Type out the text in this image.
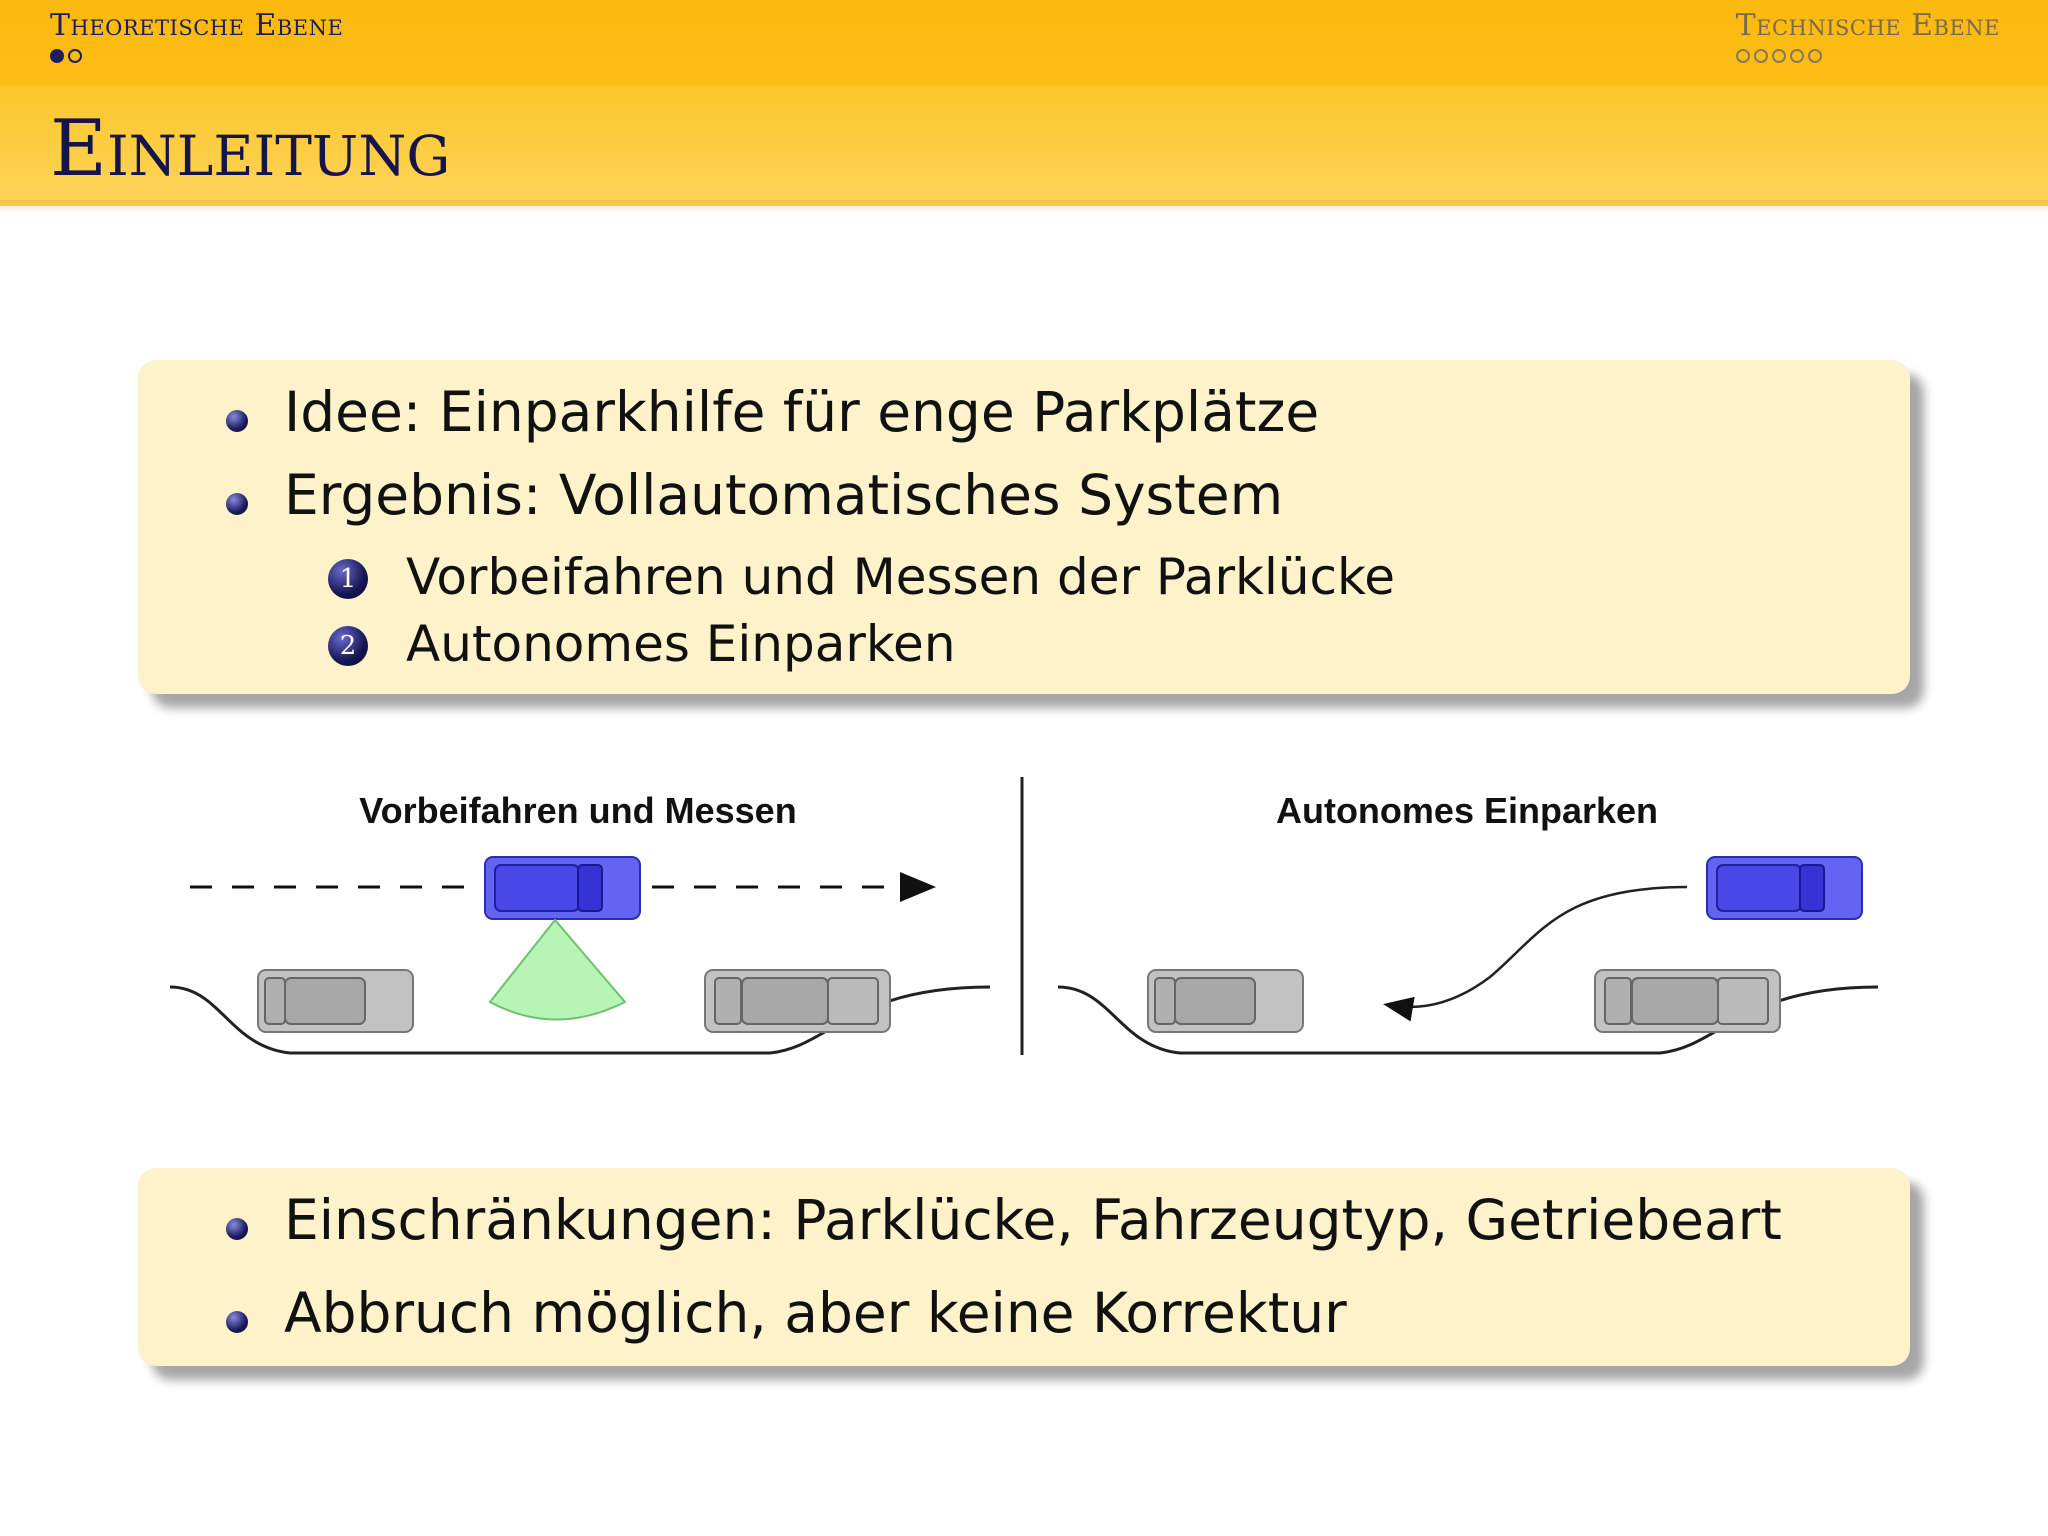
Theoretische Ebene	Technische Ebene
Einleitung
Idee: Einparkhilfe für enge Parkplätze
Ergebnis: Vollautomatisches System
1 Vorbeifahren und Messen der Parklücke
2 Autonomes Einparken
Vorbeifahren und Messen	Autonomes Einparken
Einschränkungen: Parklücke, Fahrzeugtyp, Getriebeart
Abbruch möglich, aber keine Korrektur
